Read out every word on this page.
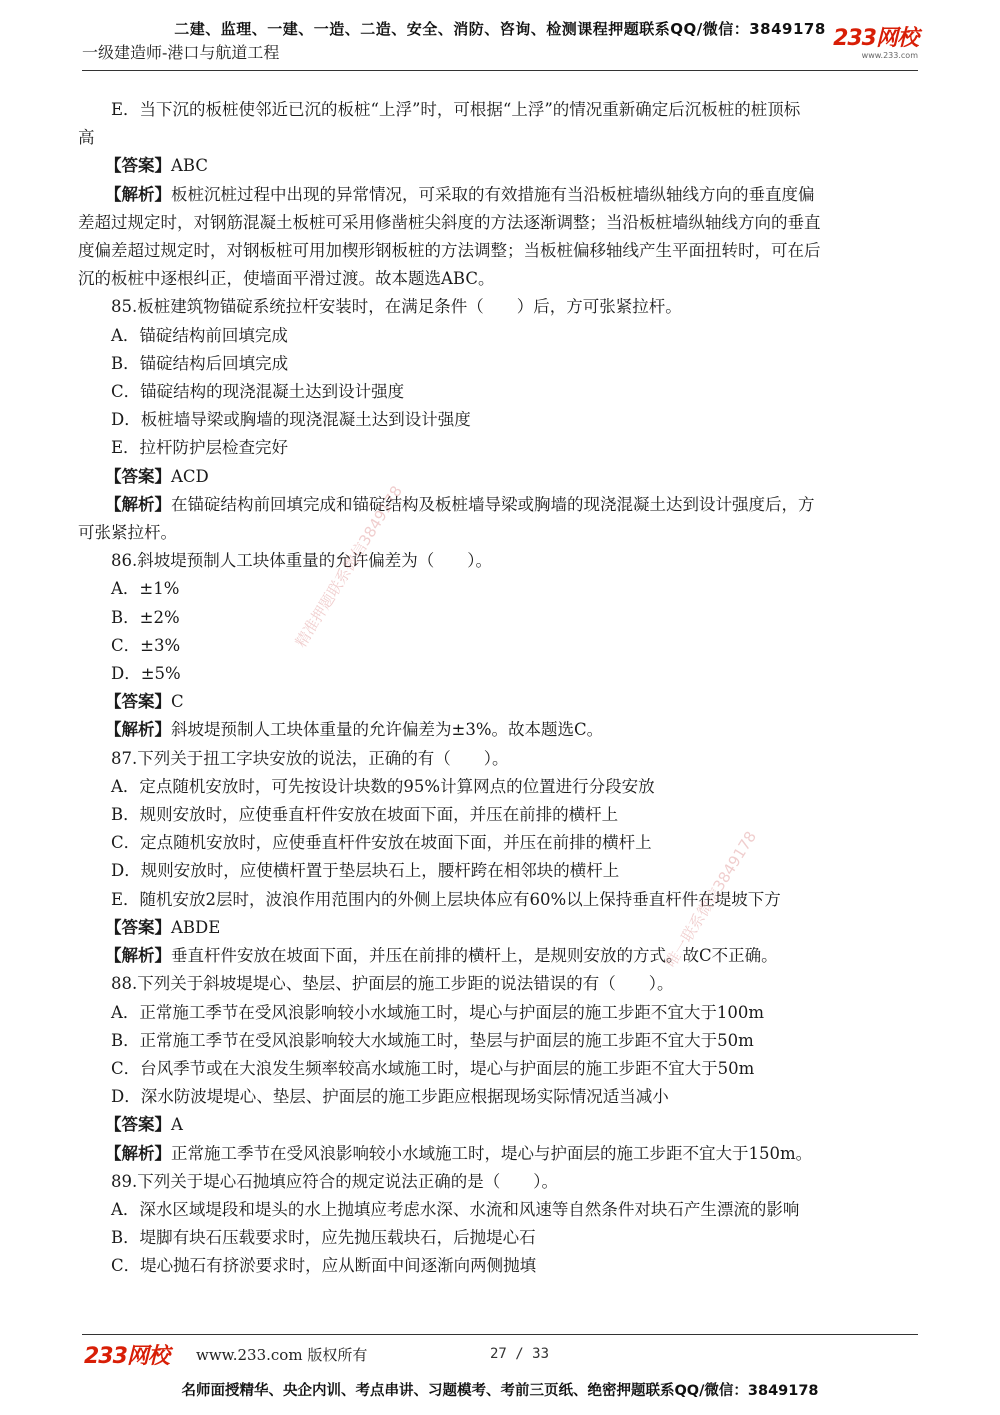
二建、监理、一建、一造、二造、安全、消防、咨询、检测课程押题联系QQ/微信：3849178
一级建造师-港口与航道工程
233网校
www.233.com
E．当下沉的板桩使邻近已沉的板桩“上浮”时，可根据“上浮”的情况重新确定后沉板桩的桩顶标
高
【答案】ABC
【解析】板桩沉桩过程中出现的异常情况，可采取的有效措施有当沿板桩墙纵轴线方向的垂直度偏
差超过规定时，对钢筋混凝土板桩可采用修凿桩尖斜度的方法逐渐调整；当沿板桩墙纵轴线方向的垂直
度偏差超过规定时，对钢板桩可用加楔形钢板桩的方法调整；当板桩偏移轴线产生平面扭转时，可在后
沉的板桩中逐根纠正，使墙面平滑过渡。故本题选ABC。
85.板桩建筑物锚碇系统拉杆安装时，在满足条件（　　）后，方可张紧拉杆。
A．锚碇结构前回填完成
B．锚碇结构后回填完成
C．锚碇结构的现浇混凝土达到设计强度
D．板桩墙导梁或胸墙的现浇混凝土达到设计强度
E．拉杆防护层检查完好
【答案】ACD
【解析】在锚碇结构前回填完成和锚碇结构及板桩墙导梁或胸墙的现浇混凝土达到设计强度后，方
可张紧拉杆。
86.斜坡堤预制人工块体重量的允许偏差为（　　）。
A．±1%
B．±2%
C．±3%
D．±5%
【答案】C
【解析】斜坡堤预制人工块体重量的允许偏差为±3%。故本题选C。
87.下列关于扭工字块安放的说法，正确的有（　　）。
A．定点随机安放时，可先按设计块数的95%计算网点的位置进行分段安放
B．规则安放时，应使垂直杆件安放在坡面下面，并压在前排的横杆上
C．定点随机安放时，应使垂直杆件安放在坡面下面，并压在前排的横杆上
D．规则安放时，应使横杆置于垫层块石上，腰杆跨在相邻块的横杆上
E．随机安放2层时，波浪作用范围内的外侧上层块体应有60%以上保持垂直杆件在堤坡下方
【答案】ABDE
【解析】垂直杆件安放在坡面下面，并压在前排的横杆上，是规则安放的方式。故C不正确。
88.下列关于斜坡堤堤心、垫层、护面层的施工步距的说法错误的有（　　）。
A．正常施工季节在受风浪影响较小水域施工时，堤心与护面层的施工步距不宜大于100m
B．正常施工季节在受风浪影响较大水域施工时，垫层与护面层的施工步距不宜大于50m
C．台风季节或在大浪发生频率较高水域施工时，堤心与护面层的施工步距不宜大于50m
D．深水防波堤堤心、垫层、护面层的施工步距应根据现场实际情况适当减小
【答案】A
【解析】正常施工季节在受风浪影响较小水域施工时，堤心与护面层的施工步距不宜大于150m。
89.下列关于堤心石抛填应符合的规定说法正确的是（　　）。
A．深水区域堤段和堤头的水上抛填应考虑水深、水流和风速等自然条件对块石产生漂流的影响
B．堤脚有块石压载要求时，应先抛压载块石，后抛堤心石
C．堤心抛石有挤淤要求时，应从断面中间逐渐向两侧抛填
精准押题联系微信3849178
唯一联系微信3849178
233网校 www.233.com 版权所有	27 / 33
名师面授精华、央企内训、考点串讲、习题模考、考前三页纸、绝密押题联系QQ/微信：3849178
